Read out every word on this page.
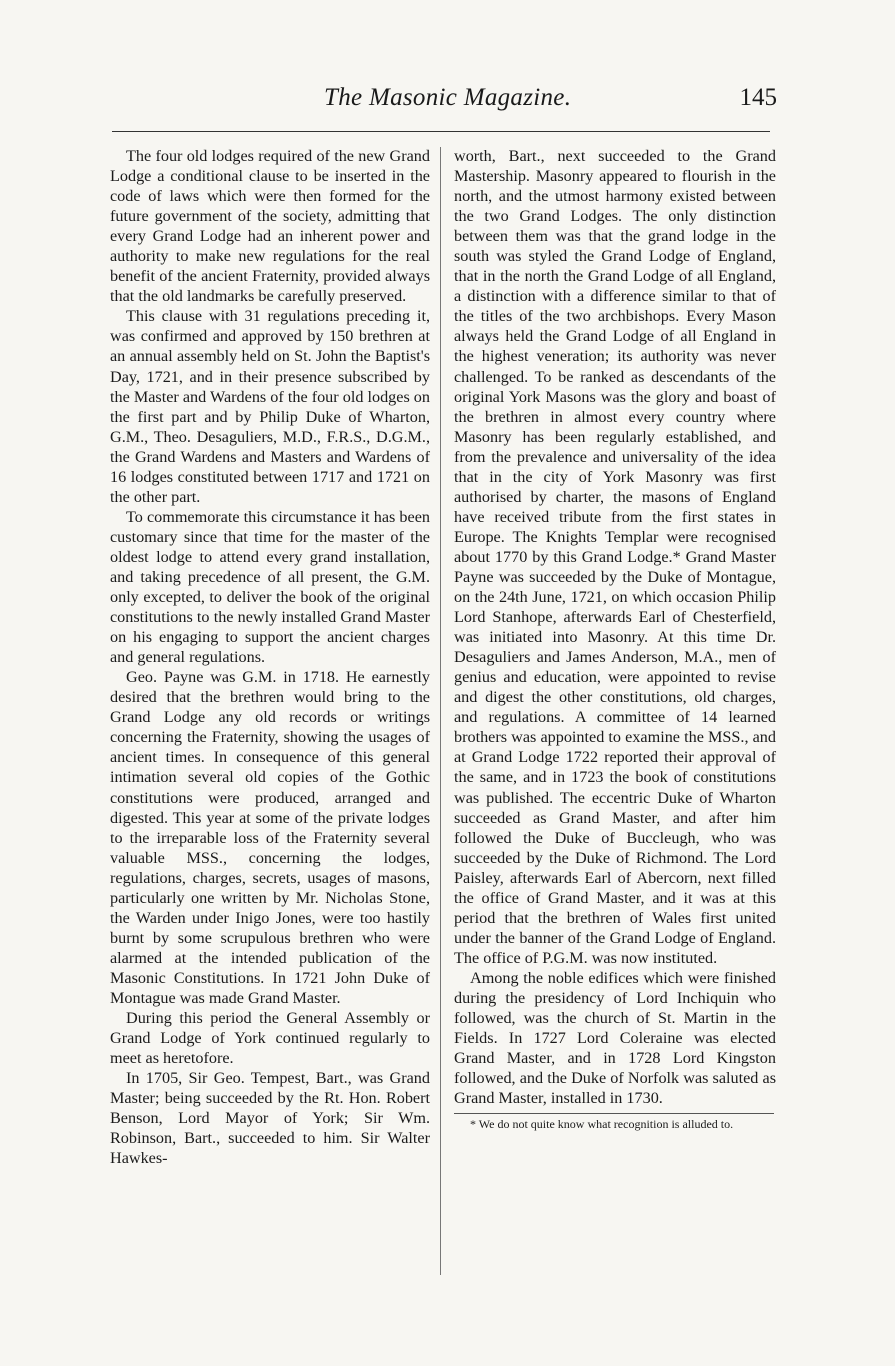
The Masonic Magazine.	145

The four old lodges required of the new Grand Lodge a conditional clause to be inserted in the code of laws which were then formed for the future government of the society, admitting that every Grand Lodge had an inherent power and authority to make new regulations for the real benefit of the ancient Fraternity, provided always that the old landmarks be carefully preserved.

This clause with 31 regulations preceding it, was confirmed and approved by 150 brethren at an annual assembly held on St. John the Baptist's Day, 1721, and in their presence subscribed by the Master and Wardens of the four old lodges on the first part and by Philip Duke of Wharton, G.M., Theo. Desaguliers, M.D., F.R.S., D.G.M., the Grand Wardens and Masters and Wardens of 16 lodges constituted between 1717 and 1721 on the other part.

To commemorate this circumstance it has been customary since that time for the master of the oldest lodge to attend every grand installation, and taking precedence of all present, the G.M. only excepted, to deliver the book of the original constitutions to the newly installed Grand Master on his engaging to support the ancient charges and general regulations.

Geo. Payne was G.M. in 1718. He earnestly desired that the brethren would bring to the Grand Lodge any old records or writings concerning the Fraternity, showing the usages of ancient times. In consequence of this general intimation several old copies of the Gothic constitutions were produced, arranged and digested. This year at some of the private lodges to the irreparable loss of the Fraternity several valuable MSS., concerning the lodges, regulations, charges, secrets, usages of masons, particularly one written by Mr. Nicholas Stone, the Warden under Inigo Jones, were too hastily burnt by some scrupulous brethren who were alarmed at the intended publication of the Masonic Constitutions. In 1721 John Duke of Montague was made Grand Master.

During this period the General Assembly or Grand Lodge of York continued regularly to meet as heretofore.

In 1705, Sir Geo. Tempest, Bart., was Grand Master; being succeeded by the Rt. Hon. Robert Benson, Lord Mayor of York; Sir Wm. Robinson, Bart., succeeded to him. Sir Walter Hawkes-

worth, Bart., next succeeded to the Grand Mastership. Masonry appeared to flourish in the north, and the utmost harmony existed between the two Grand Lodges. The only distinction between them was that the grand lodge in the south was styled the Grand Lodge of England, that in the north the Grand Lodge of all England, a distinction with a difference similar to that of the titles of the two archbishops. Every Mason always held the Grand Lodge of all England in the highest veneration; its authority was never challenged. To be ranked as descendants of the original York Masons was the glory and boast of the brethren in almost every country where Masonry has been regularly established, and from the prevalence and universality of the idea that in the city of York Masonry was first authorised by charter, the masons of England have received tribute from the first states in Europe. The Knights Templar were recognised about 1770 by this Grand Lodge.* Grand Master Payne was succeeded by the Duke of Montague, on the 24th June, 1721, on which occasion Philip Lord Stanhope, afterwards Earl of Chesterfield, was initiated into Masonry. At this time Dr. Desaguliers and James Anderson, M.A., men of genius and education, were appointed to revise and digest the other constitutions, old charges, and regulations. A committee of 14 learned brothers was appointed to examine the MSS., and at Grand Lodge 1722 reported their approval of the same, and in 1723 the book of constitutions was published. The eccentric Duke of Wharton succeeded as Grand Master, and after him followed the Duke of Buccleugh, who was succeeded by the Duke of Richmond. The Lord Paisley, afterwards Earl of Abercorn, next filled the office of Grand Master, and it was at this period that the brethren of Wales first united under the banner of the Grand Lodge of England. The office of P.G.M. was now instituted.

Among the noble edifices which were finished during the presidency of Lord Inchiquin who followed, was the church of St. Martin in the Fields. In 1727 Lord Coleraine was elected Grand Master, and in 1728 Lord Kingston followed, and the Duke of Norfolk was saluted as Grand Master, installed in 1730.

* We do not quite know what recognition is alluded to.
